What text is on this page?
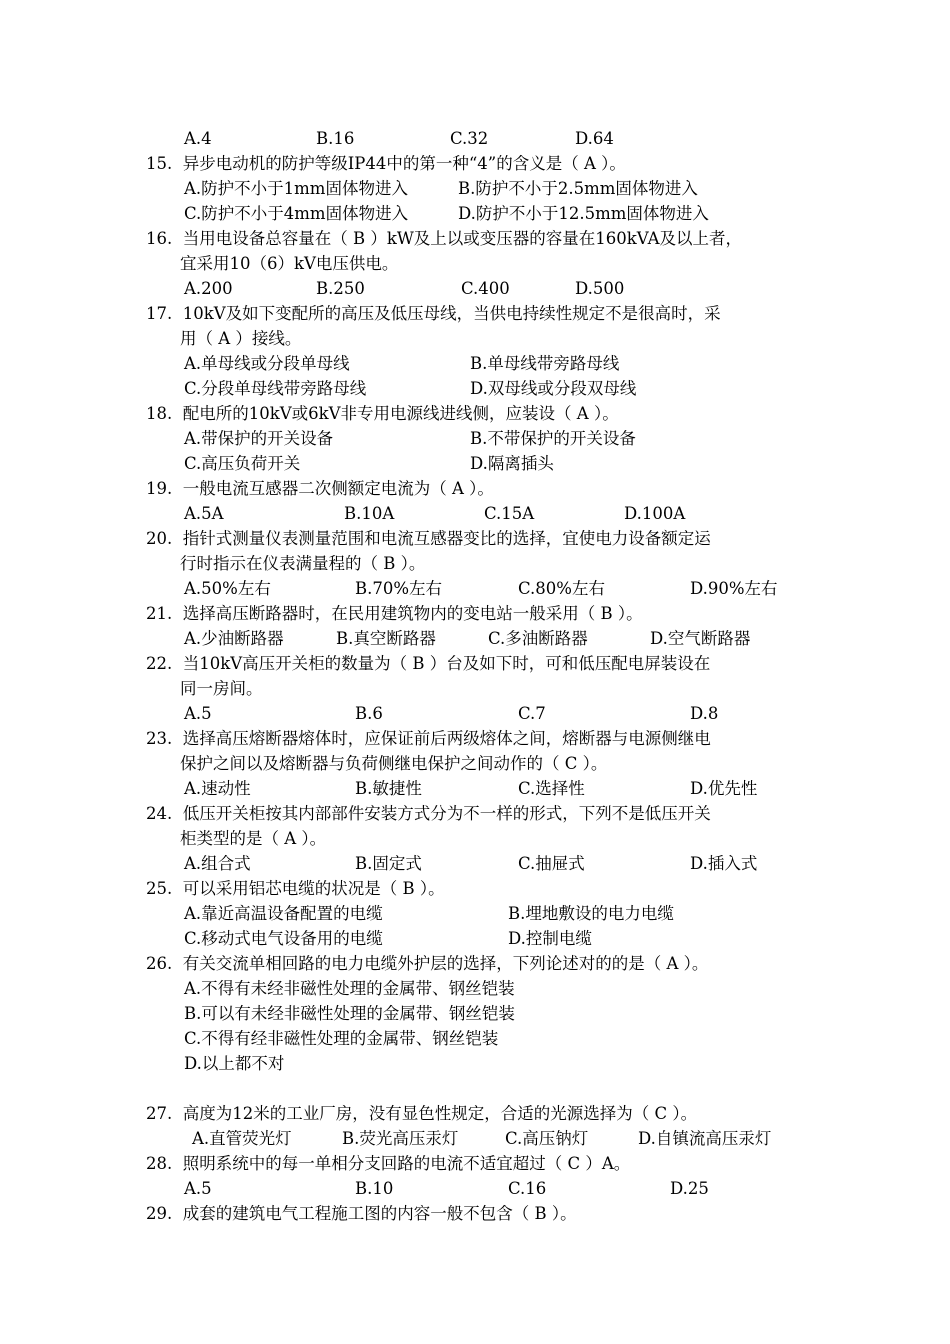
A.4	B.16	C.32	D.64
15.  异步电动机的防护等级IP44中的第一种“4”的含义是（ A ）。
A.防护不小于1mm固体物进入	B.防护不小于2.5mm固体物进入
C.防护不小于4mm固体物进入	D.防护不小于12.5mm固体物进入
16.  当用电设备总容量在（ B ）kW及上以或变压器的容量在160kVA及以上者，
宜采用10（6）kV电压供电。
A.200	B.250	C.400	D.500
17.  10kV及如下变配所的高压及低压母线，当供电持续性规定不是很高时，采
用（ A ）接线。
A.单母线或分段单母线	B.单母线带旁路母线
C.分段单母线带旁路母线	D.双母线或分段双母线
18.  配电所的10kV或6kV非专用电源线进线侧，应装设（ A ）。
A.带保护的开关设备	B.不带保护的开关设备
C.高压负荷开关	D.隔离插头
19.  一般电流互感器二次侧额定电流为（ A ）。
A.5A	B.10A	C.15A	D.100A
20.  指针式测量仪表测量范围和电流互感器变比的选择，宜使电力设备额定运
行时指示在仪表满量程的（ B ）。
A.50%左右	B.70%左右	C.80%左右	D.90%左右
21.  选择高压断路器时，在民用建筑物内的变电站一般采用（ B ）。
A.少油断路器	B.真空断路器	C.多油断路器	D.空气断路器
22.  当10kV高压开关柜的数量为（ B ）台及如下时，可和低压配电屏装设在
同一房间。
A.5	B.6	C.7	D.8
23.  选择高压熔断器熔体时，应保证前后两级熔体之间，熔断器与电源侧继电
保护之间以及熔断器与负荷侧继电保护之间动作的（ C ）。
A.速动性	B.敏捷性	C.选择性	D.优先性
24.  低压开关柜按其内部部件安装方式分为不一样的形式，下列不是低压开关
柜类型的是（ A ）。
A.组合式	B.固定式	C.抽屉式	D.插入式
25.  可以采用铝芯电缆的状况是（ B ）。
A.靠近高温设备配置的电缆	B.埋地敷设的电力电缆
C.移动式电气设备用的电缆	D.控制电缆
26.  有关交流单相回路的电力电缆外护层的选择，下列论述对的的是（ A ）。
A.不得有未经非磁性处理的金属带、钢丝铠装
B.可以有未经非磁性处理的金属带、钢丝铠装
C.不得有经非磁性处理的金属带、钢丝铠装
D.以上都不对
27.  高度为12米的工业厂房，没有显色性规定，合适的光源选择为（ C ）。
A.直管荧光灯	B.荧光高压汞灯	C.高压钠灯	D.自镇流高压汞灯
28.  照明系统中的每一单相分支回路的电流不适宜超过（ C ）A。
A.5	B.10	C.16	D.25
29.  成套的建筑电气工程施工图的内容一般不包含（ B ）。
